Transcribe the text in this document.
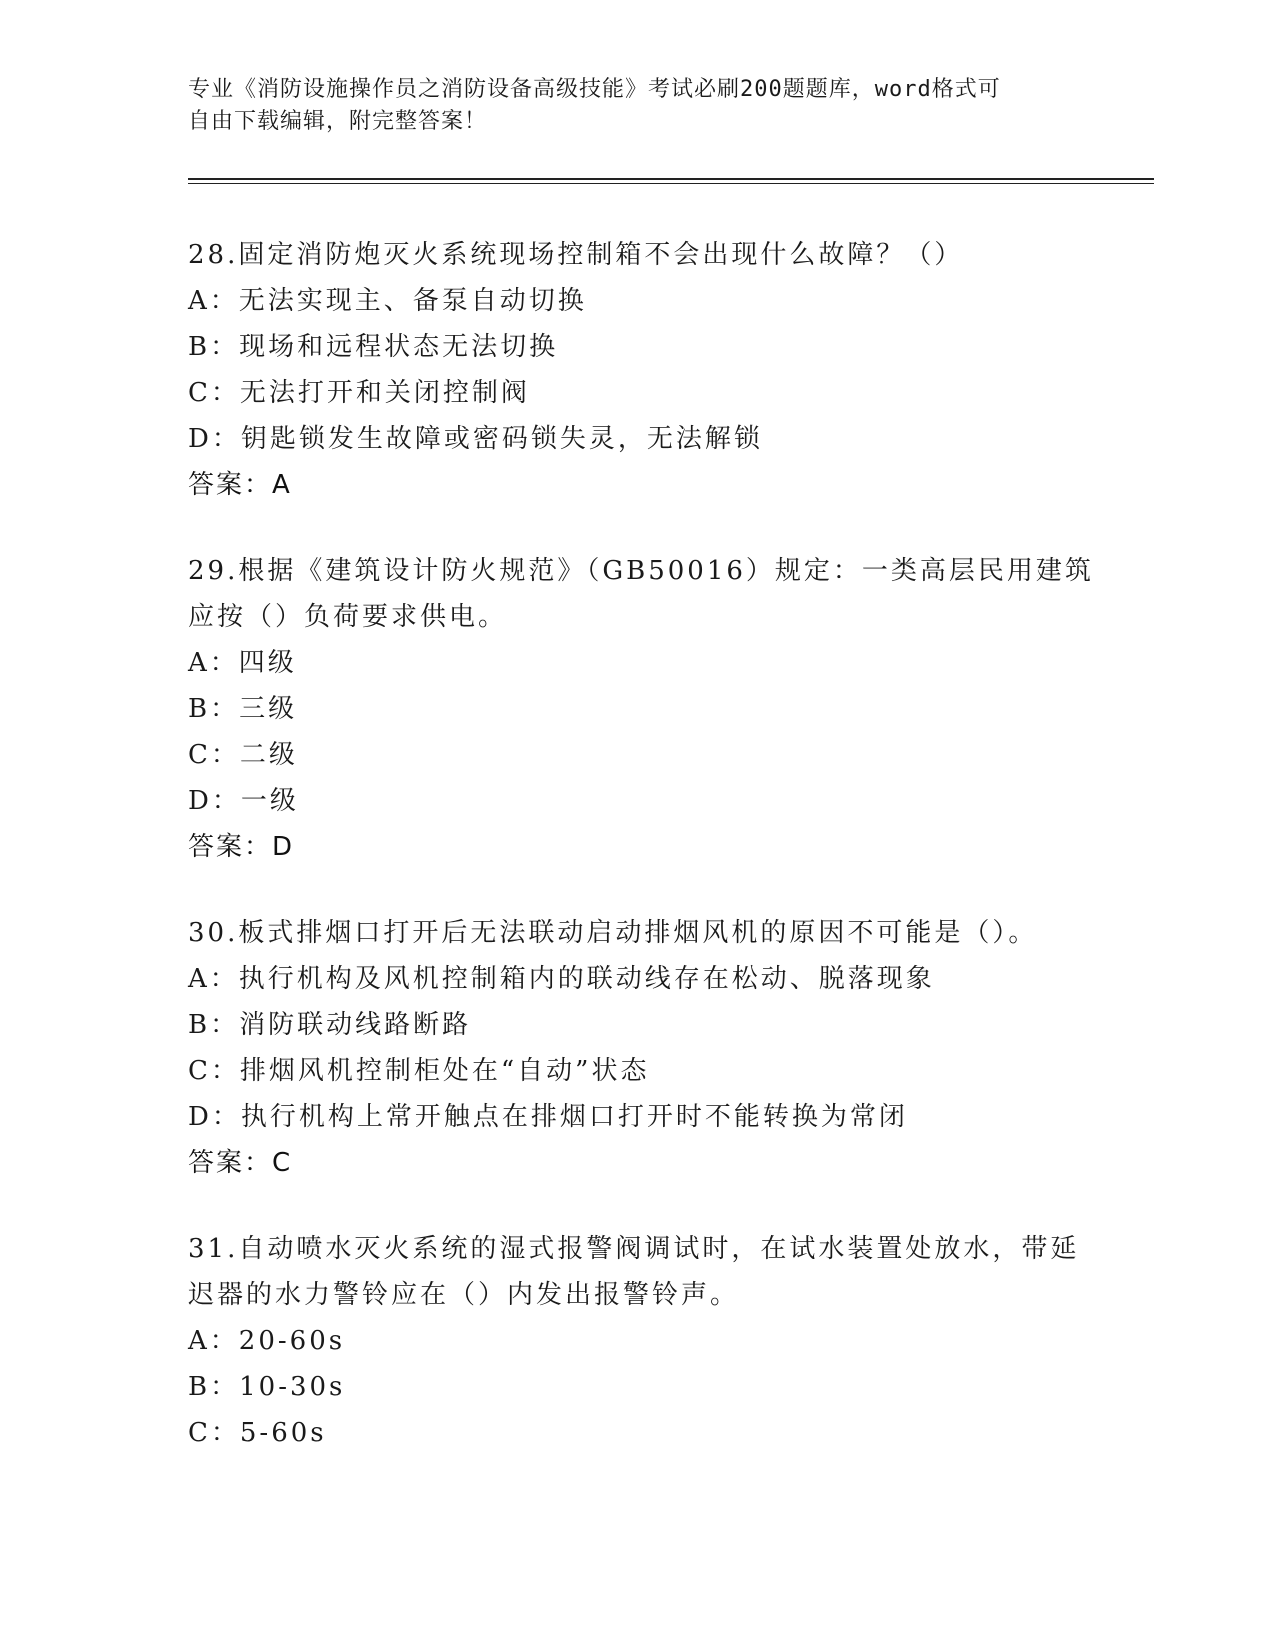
专业《消防设施操作员之消防设备高级技能》考试必刷200题题库，word格式可
自由下载编辑，附完整答案！
28.固定消防炮灭火系统现场控制箱不会出现什么故障？（）
A：无法实现主、备泵自动切换
B：现场和远程状态无法切换
C：无法打开和关闭控制阀
D：钥匙锁发生故障或密码锁失灵，无法解锁
答案：A
29.根据《建筑设计防火规范》（GB50016）规定：一类高层民用建筑
应按（）负荷要求供电。
A：四级
B：三级
C：二级
D：一级
答案：D
30.板式排烟口打开后无法联动启动排烟风机的原因不可能是（）。
A：执行机构及风机控制箱内的联动线存在松动、脱落现象
B：消防联动线路断路
C：排烟风机控制柜处在“自动”状态
D：执行机构上常开触点在排烟口打开时不能转换为常闭
答案：C
31.自动喷水灭火系统的湿式报警阀调试时，在试水装置处放水，带延
迟器的水力警铃应在（）内发出报警铃声。
A：20-60s
B：10-30s
C：5-60s
